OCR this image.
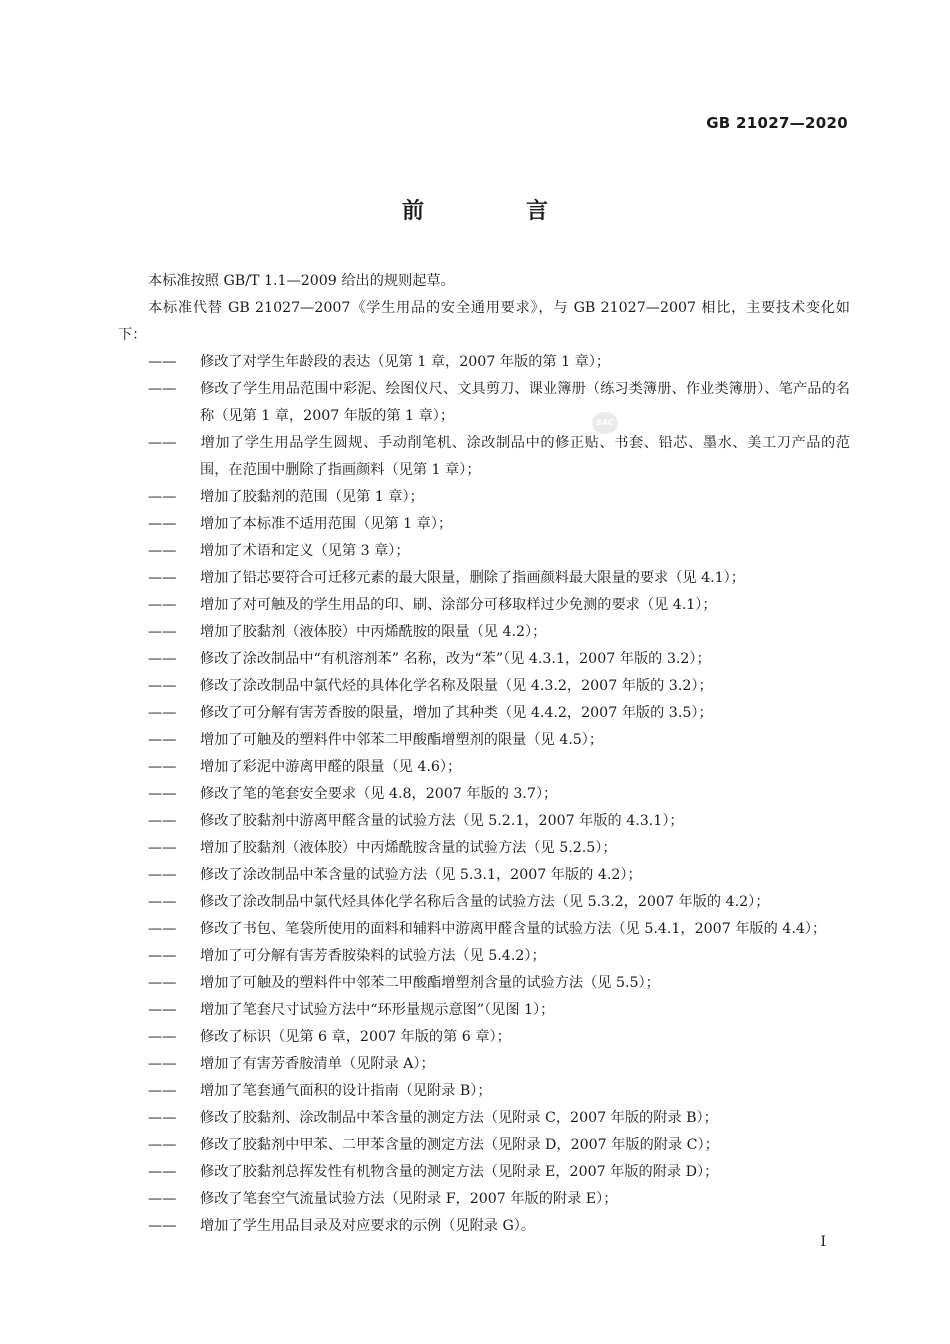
GB 21027—2020
前　言
SAC

本标准按照 GB/T 1.1—2009 给出的规则起草。

本标准代替 GB 21027—2007《学生用品的安全通用要求》，与 GB 21027—2007 相比，主要技术变化如下：

—— 修改了对学生年龄段的表达（见第 1 章，2007 年版的第 1 章）；
—— 修改了学生用品范围中彩泥、绘图仪尺、文具剪刀、课业簿册（练习类簿册、作业类簿册）、笔产品的名称（见第 1 章，2007 年版的第 1 章）；
—— 增加了学生用品学生圆规、手动削笔机、涂改制品中的修正贴、书套、铅芯、墨水、美工刀产品的范围，在范围中删除了指画颜料（见第 1 章）；
—— 增加了胶黏剂的范围（见第 1 章）；
—— 增加了本标准不适用范围（见第 1 章）；
—— 增加了术语和定义（见第 3 章）；
—— 增加了铅芯要符合可迁移元素的最大限量，删除了指画颜料最大限量的要求（见 4.1）；
—— 增加了对可触及的学生用品的印、刷、涂部分可移取样过少免测的要求（见 4.1）；
—— 增加了胶黏剂（液体胶）中丙烯酰胺的限量（见 4.2）；
—— 修改了涂改制品中“有机溶剂苯” 名称，改为“苯”（见 4.3.1，2007 年版的 3.2）；
—— 修改了涂改制品中氯代烃的具体化学名称及限量（见 4.3.2，2007 年版的 3.2）；
—— 修改了可分解有害芳香胺的限量，增加了其种类（见 4.4.2，2007 年版的 3.5）；
—— 增加了可触及的塑料件中邻苯二甲酸酯增塑剂的限量（见 4.5）；
—— 增加了彩泥中游离甲醛的限量（见 4.6）；
—— 修改了笔的笔套安全要求（见 4.8，2007 年版的 3.7）；
—— 修改了胶黏剂中游离甲醛含量的试验方法（见 5.2.1，2007 年版的 4.3.1）；
—— 增加了胶黏剂（液体胶）中丙烯酰胺含量的试验方法（见 5.2.5）；
—— 修改了涂改制品中苯含量的试验方法（见 5.3.1，2007 年版的 4.2）；
—— 修改了涂改制品中氯代烃具体化学名称后含量的试验方法（见 5.3.2，2007 年版的 4.2）；
—— 修改了书包、笔袋所使用的面料和辅料中游离甲醛含量的试验方法（见 5.4.1，2007 年版的 4.4）；
—— 增加了可分解有害芳香胺染料的试验方法（见 5.4.2）；
—— 增加了可触及的塑料件中邻苯二甲酸酯增塑剂含量的试验方法（见 5.5）；
—— 增加了笔套尺寸试验方法中“环形量规示意图”（见图 1）；
—— 修改了标识（见第 6 章，2007 年版的第 6 章）；
—— 增加了有害芳香胺清单（见附录 A）；
—— 增加了笔套通气面积的设计指南（见附录 B）；
—— 修改了胶黏剂、涂改制品中苯含量的测定方法（见附录 C，2007 年版的附录 B）；
—— 修改了胶黏剂中甲苯、二甲苯含量的测定方法（见附录 D，2007 年版的附录 C）；
—— 修改了胶黏剂总挥发性有机物含量的测定方法（见附录 E，2007 年版的附录 D）；
—— 修改了笔套空气流量试验方法（见附录 F，2007 年版的附录 E）；
—— 增加了学生用品目录及对应要求的示例（见附录 G）。
I
